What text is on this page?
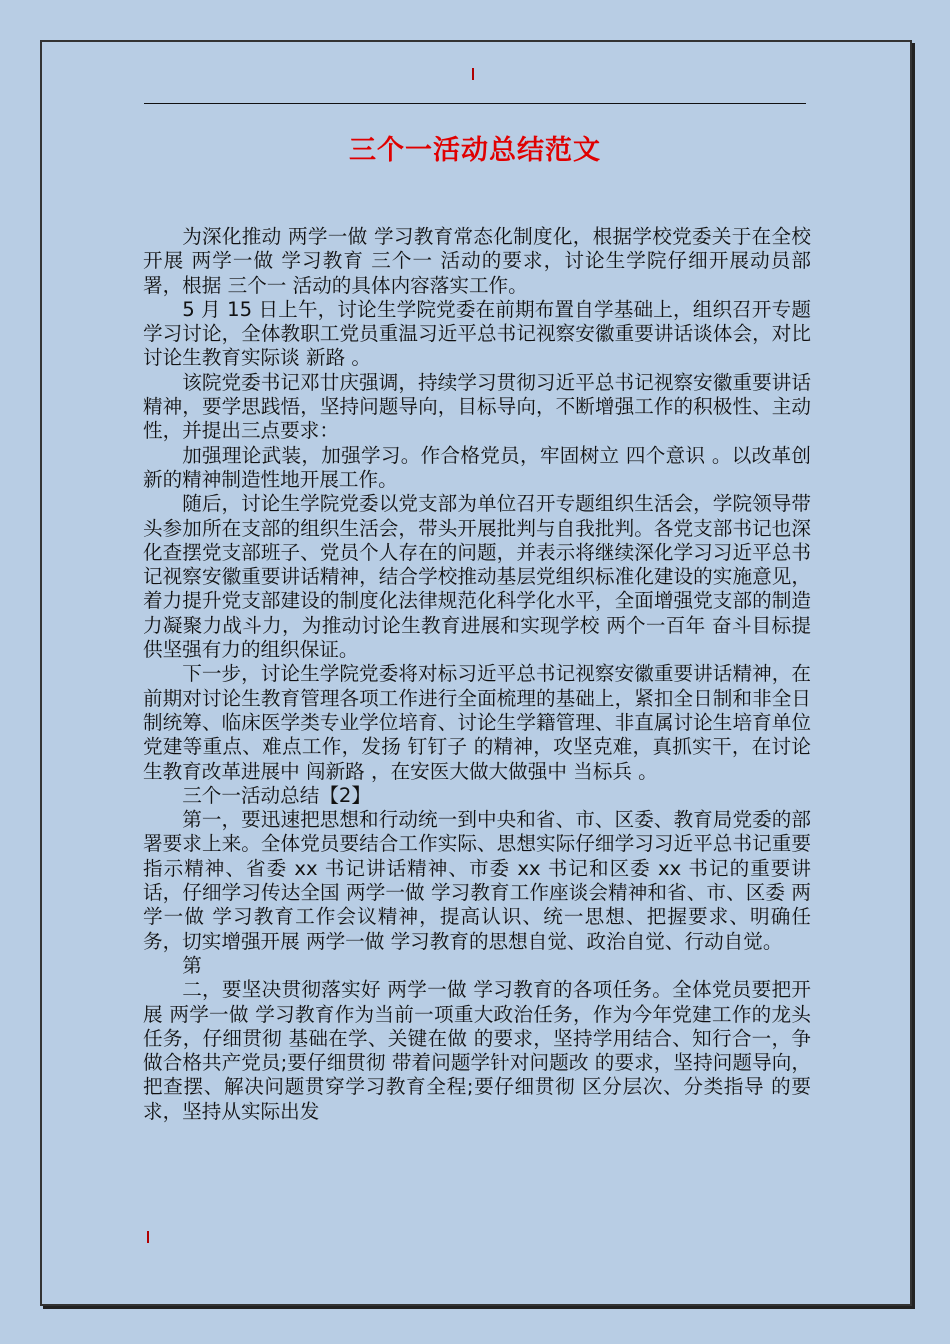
三个一活动总结范文

为深化推动 两学一做 学习教育常态化制度化，根据学校党委关于在全校开展 两学一做 学习教育 三个一 活动的要求，讨论生学院仔细开展动员部署，根据 三个一 活动的具体内容落实工作。

5 月 15 日上午，讨论生学院党委在前期布置自学基础上，组织召开专题学习讨论，全体教职工党员重温习近平总书记视察安徽重要讲话谈体会，对比讨论生教育实际谈 新路 。

该院党委书记邓廿庆强调，持续学习贯彻习近平总书记视察安徽重要讲话精神，要学思践悟，坚持问题导向，目标导向，不断增强工作的积极性、主动性，并提出三点要求：

加强理论武装，加强学习。作合格党员，牢固树立 四个意识 。以改革创新的精神制造性地开展工作。

随后，讨论生学院党委以党支部为单位召开专题组织生活会，学院领导带头参加所在支部的组织生活会，带头开展批判与自我批判。各党支部书记也深化查摆党支部班子、党员个人存在的问题，并表示将继续深化学习习近平总书记视察安徽重要讲话精神，结合学校推动基层党组织标准化建设的实施意见，着力提升党支部建设的制度化法律规范化科学化水平，全面增强党支部的制造力凝聚力战斗力，为推动讨论生教育进展和实现学校 两个一百年 奋斗目标提供坚强有力的组织保证。

下一步，讨论生学院党委将对标习近平总书记视察安徽重要讲话精神，在前期对讨论生教育管理各项工作进行全面梳理的基础上，紧扣全日制和非全日制统筹、临床医学类专业学位培育、讨论生学籍管理、非直属讨论生培育单位党建等重点、难点工作，发扬 钉钉子 的精神，攻坚克难，真抓实干，在讨论生教育改革进展中 闯新路 ，在安医大做大做强中 当标兵 。

三个一活动总结【2】

第一，要迅速把思想和行动统一到中央和省、市、区委、教育局党委的部署要求上来。全体党员要结合工作实际、思想实际仔细学习习近平总书记重要指示精神、省委 xx 书记讲话精神、市委 xx 书记和区委 xx 书记的重要讲话，仔细学习传达全国 两学一做 学习教育工作座谈会精神和省、市、区委 两学一做 学习教育工作会议精神，提高认识、统一思想、把握要求、明确任务，切实增强开展 两学一做 学习教育的思想自觉、政治自觉、行动自觉。

第

二，要坚决贯彻落实好 两学一做 学习教育的各项任务。全体党员要把开展 两学一做 学习教育作为当前一项重大政治任务，作为今年党建工作的龙头任务，仔细贯彻 基础在学、关键在做 的要求，坚持学用结合、知行合一，争做合格共产党员;要仔细贯彻 带着问题学针对问题改 的要求，坚持问题导向，把查摆、解决问题贯穿学习教育全程;要仔细贯彻 区分层次、分类指导 的要求，坚持从实际出发
